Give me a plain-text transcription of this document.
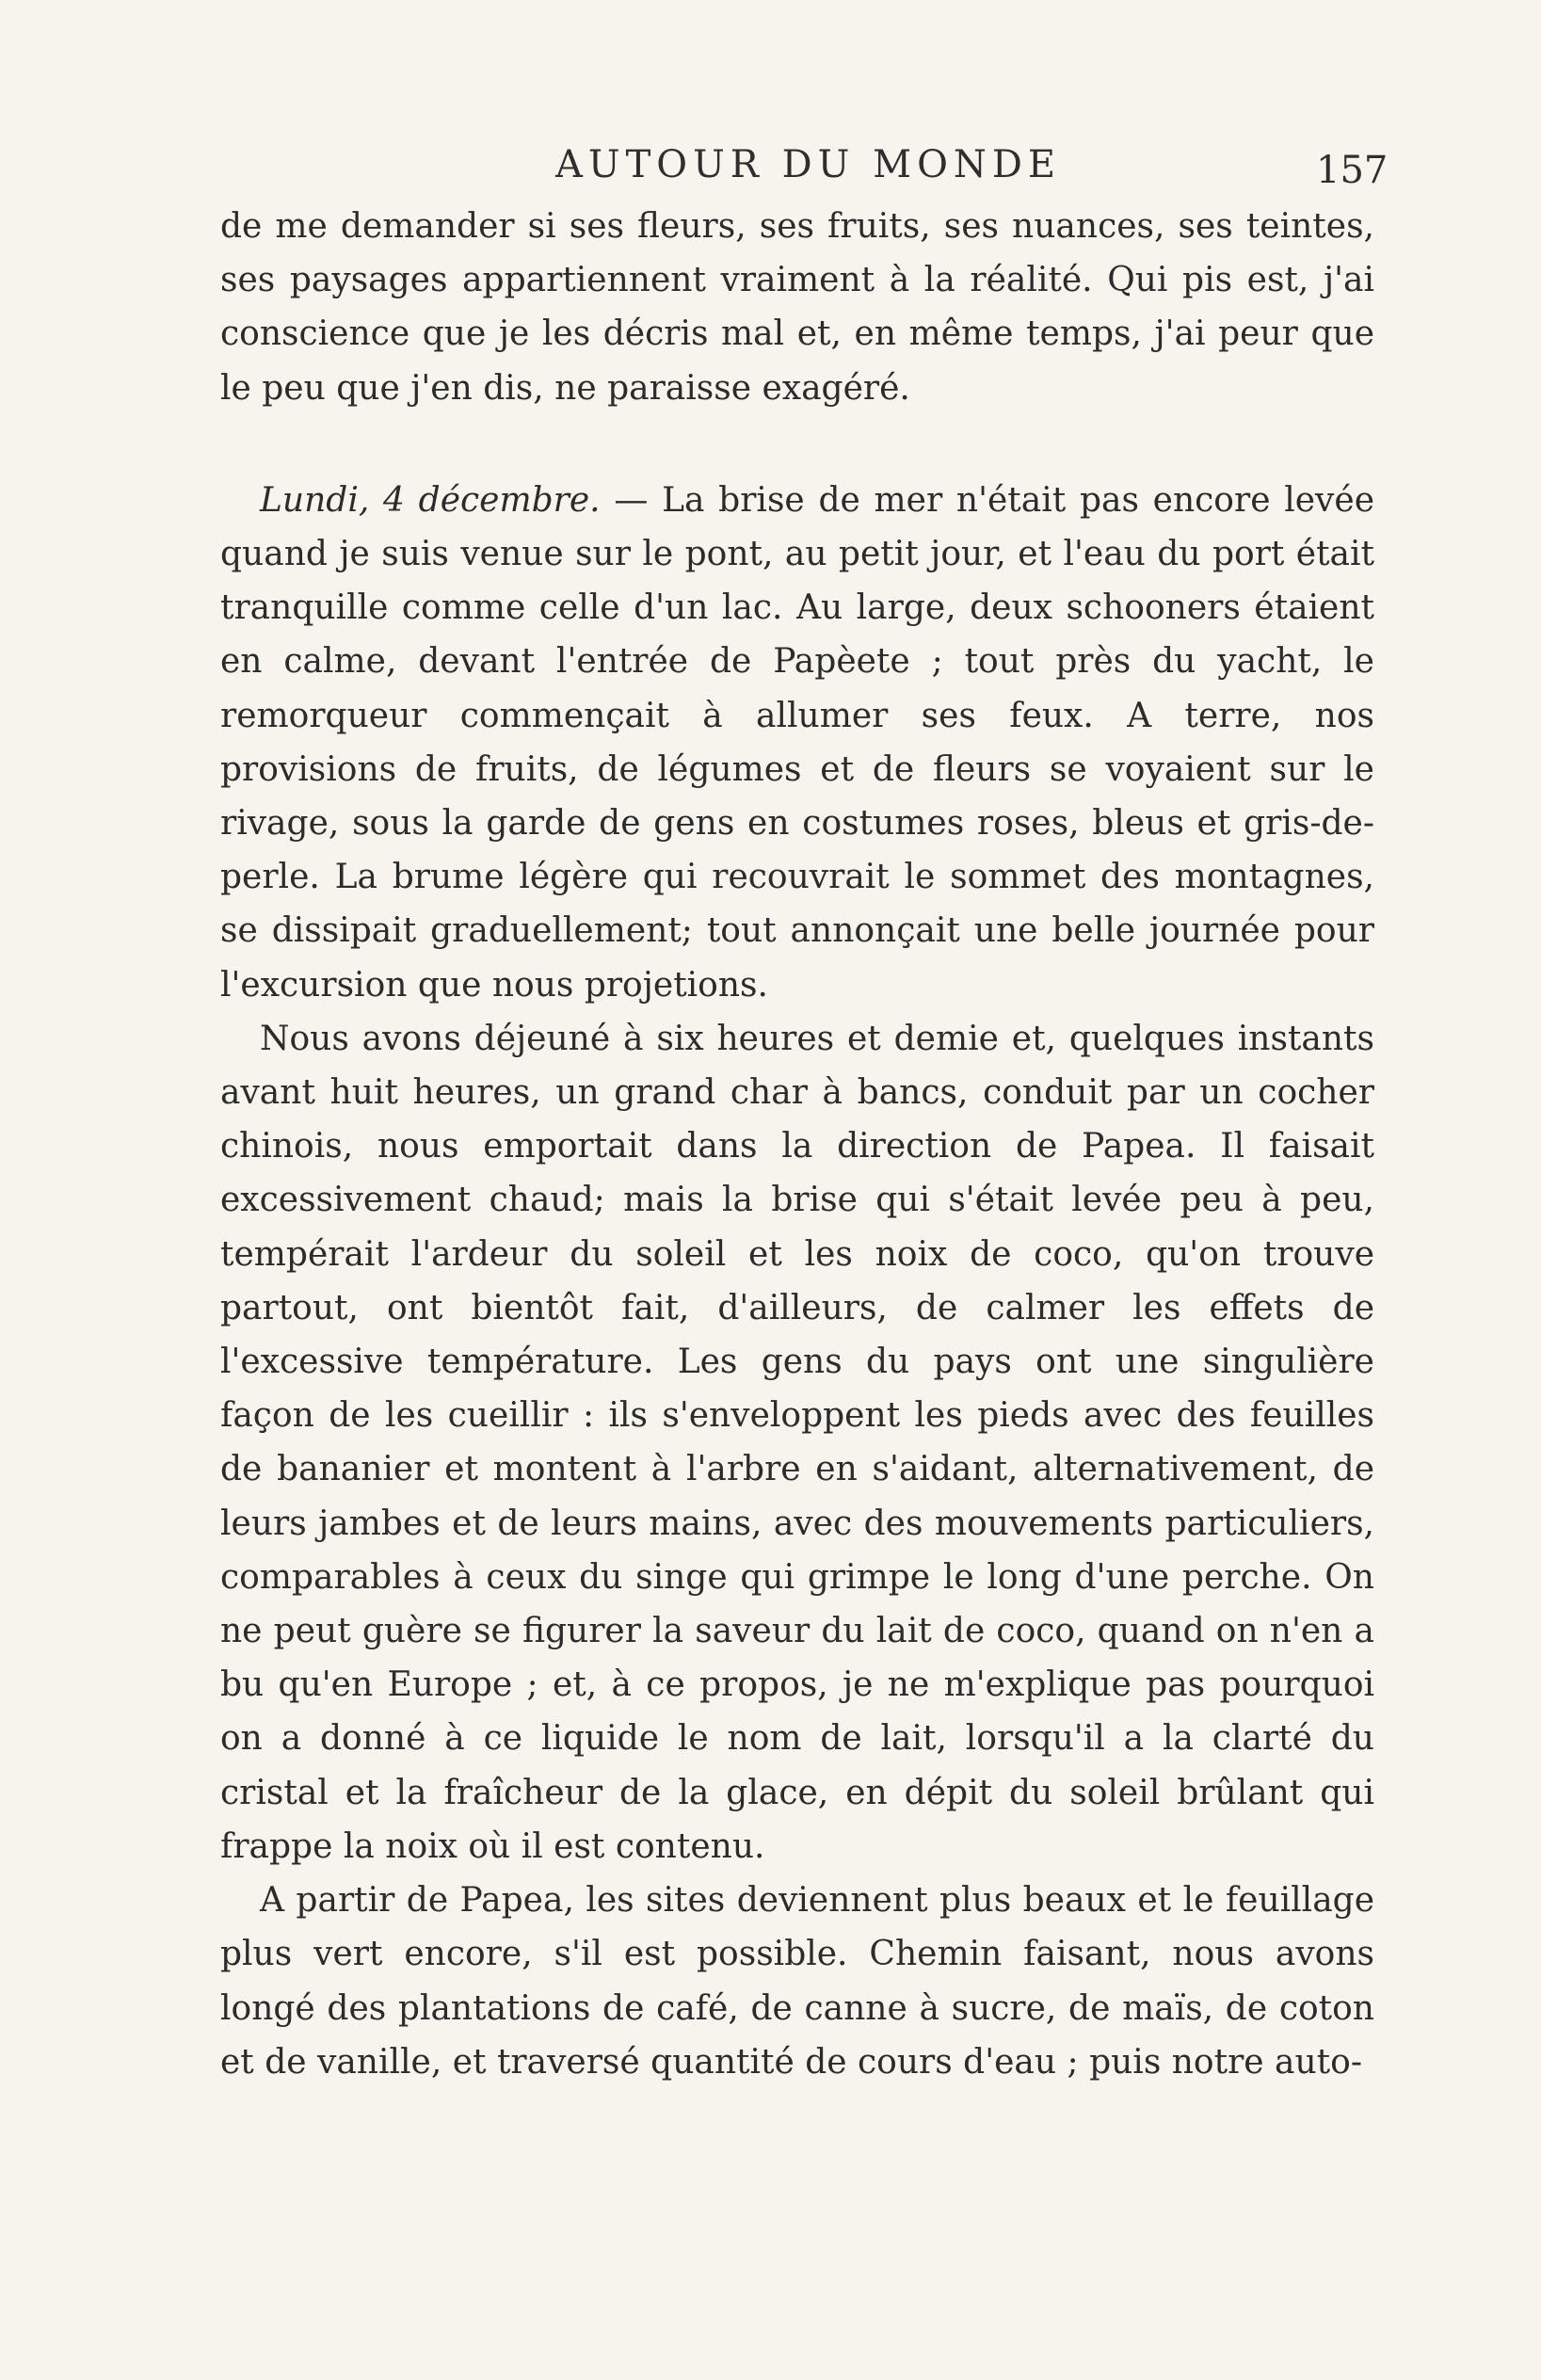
AUTOUR DU MONDE	157

de me demander si ses fleurs, ses fruits, ses nuances, ses teintes, ses paysages appartiennent vraiment à la réalité. Qui pis est, j'ai conscience que je les décris mal et, en même temps, j'ai peur que le peu que j'en dis, ne paraisse exagéré.

Lundi, 4 décembre. — La brise de mer n'était pas encore levée quand je suis venue sur le pont, au petit jour, et l'eau du port était tranquille comme celle d'un lac. Au large, deux schooners étaient en calme, devant l'entrée de Papèete ; tout près du yacht, le remorqueur commençait à allumer ses feux. A terre, nos provisions de fruits, de légumes et de fleurs se voyaient sur le rivage, sous la garde de gens en costumes roses, bleus et gris-de-perle. La brume légère qui recouvrait le sommet des montagnes, se dissipait graduellement; tout annonçait une belle journée pour l'excursion que nous projetions.

Nous avons déjeuné à six heures et demie et, quelques instants avant huit heures, un grand char à bancs, conduit par un cocher chinois, nous emportait dans la direction de Papea. Il faisait excessivement chaud; mais la brise qui s'était levée peu à peu, tempérait l'ardeur du soleil et les noix de coco, qu'on trouve partout, ont bientôt fait, d'ailleurs, de calmer les effets de l'excessive température. Les gens du pays ont une singulière façon de les cueillir : ils s'enveloppent les pieds avec des feuilles de bananier et montent à l'arbre en s'aidant, alternativement, de leurs jambes et de leurs mains, avec des mouvements particuliers, comparables à ceux du singe qui grimpe le long d'une perche. On ne peut guère se figurer la saveur du lait de coco, quand on n'en a bu qu'en Europe ; et, à ce propos, je ne m'explique pas pourquoi on a donné à ce liquide le nom de lait, lorsqu'il a la clarté du cristal et la fraîcheur de la glace, en dépit du soleil brûlant qui frappe la noix où il est contenu.

A partir de Papea, les sites deviennent plus beaux et le feuillage plus vert encore, s'il est possible. Chemin faisant, nous avons longé des plantations de café, de canne à sucre, de maïs, de coton et de vanille, et traversé quantité de cours d'eau ; puis notre auto-
